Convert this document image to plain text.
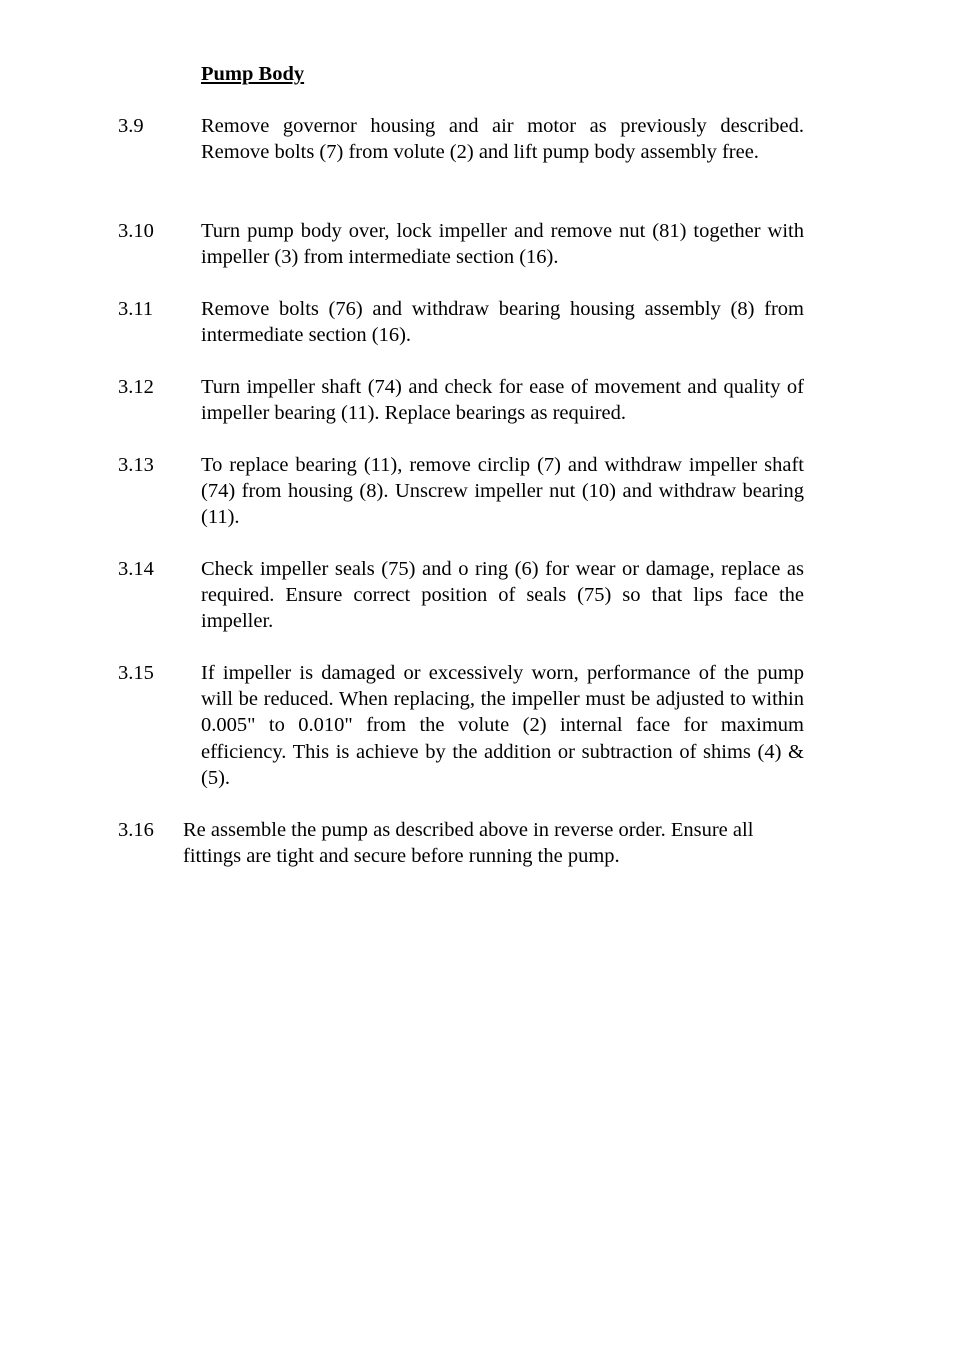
Pump Body
3.9	Remove governor housing and air motor as previously described. Remove bolts (7) from volute (2) and lift pump body assembly free.
3.10 Turn pump body over, lock impeller and remove nut (81) together with impeller (3) from intermediate section (16).
3.11 Remove bolts (76) and withdraw bearing housing assembly (8) from intermediate section (16).
3.12 Turn impeller shaft (74) and check for ease of movement and quality of impeller bearing (11). Replace bearings as required.
3.13 To replace bearing (11), remove circlip (7) and withdraw impeller shaft (74) from housing (8). Unscrew impeller nut (10) and withdraw bearing (11).
3.14 Check impeller seals (75) and o ring (6) for wear or damage, replace as required. Ensure correct position of seals (75) so that lips face the impeller.
3.15 If impeller is damaged or excessively worn, performance of the pump will be reduced. When replacing, the impeller must be adjusted to within 0.005" to 0.010" from the volute (2) internal face for maximum efficiency. This is achieve by the addition or subtraction of shims (4) & (5).
3.16 Re assemble the pump as described above in reverse order. Ensure all fittings are tight and secure before running the pump.
